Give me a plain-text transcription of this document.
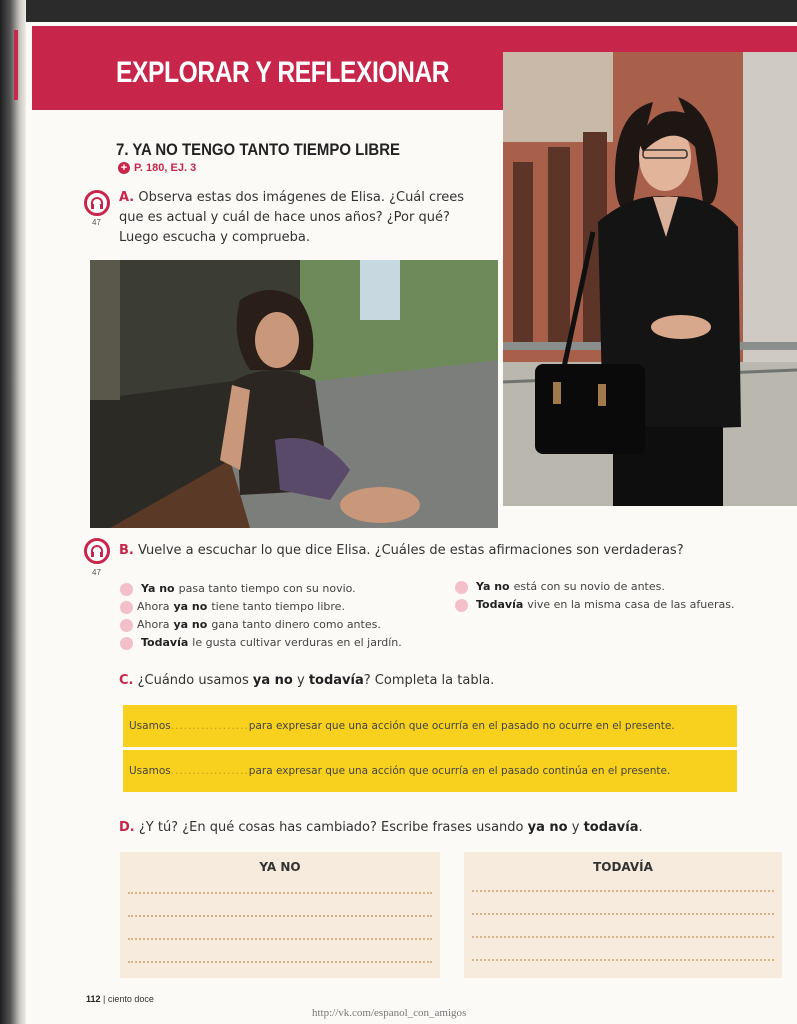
EXPLORAR Y REFLEXIONAR
7. YA NO TENGO TANTO TIEMPO LIBRE
+ P. 180, EJ. 3
47
A. Observa estas dos imágenes de Elisa. ¿Cuál crees que es actual y cuál de hace unos años? ¿Por qué? Luego escucha y comprueba.
47
B. Vuelve a escuchar lo que dice Elisa. ¿Cuáles de estas afirmaciones son verdaderas?
Ya no pasa tanto tiempo con su novio.
Ahora ya no tiene tanto tiempo libre.
Ahora ya no gana tanto dinero como antes.
Todavía le gusta cultivar verduras en el jardín.
Ya no está con su novio de antes.
Todavía vive en la misma casa de las afueras.
C. ¿Cuándo usamos ya no y todavía? Completa la tabla.
Usamos .................. para expresar que una acción que ocurría en el pasado no ocurre en el presente.
Usamos .................. para expresar que una acción que ocurría en el pasado continúa en el presente.
D. ¿Y tú? ¿En qué cosas has cambiado? Escribe frases usando ya no y todavía.
YA NO	TODAVÍA
112 | ciento doce
http://vk.com/espanol_con_amigos
